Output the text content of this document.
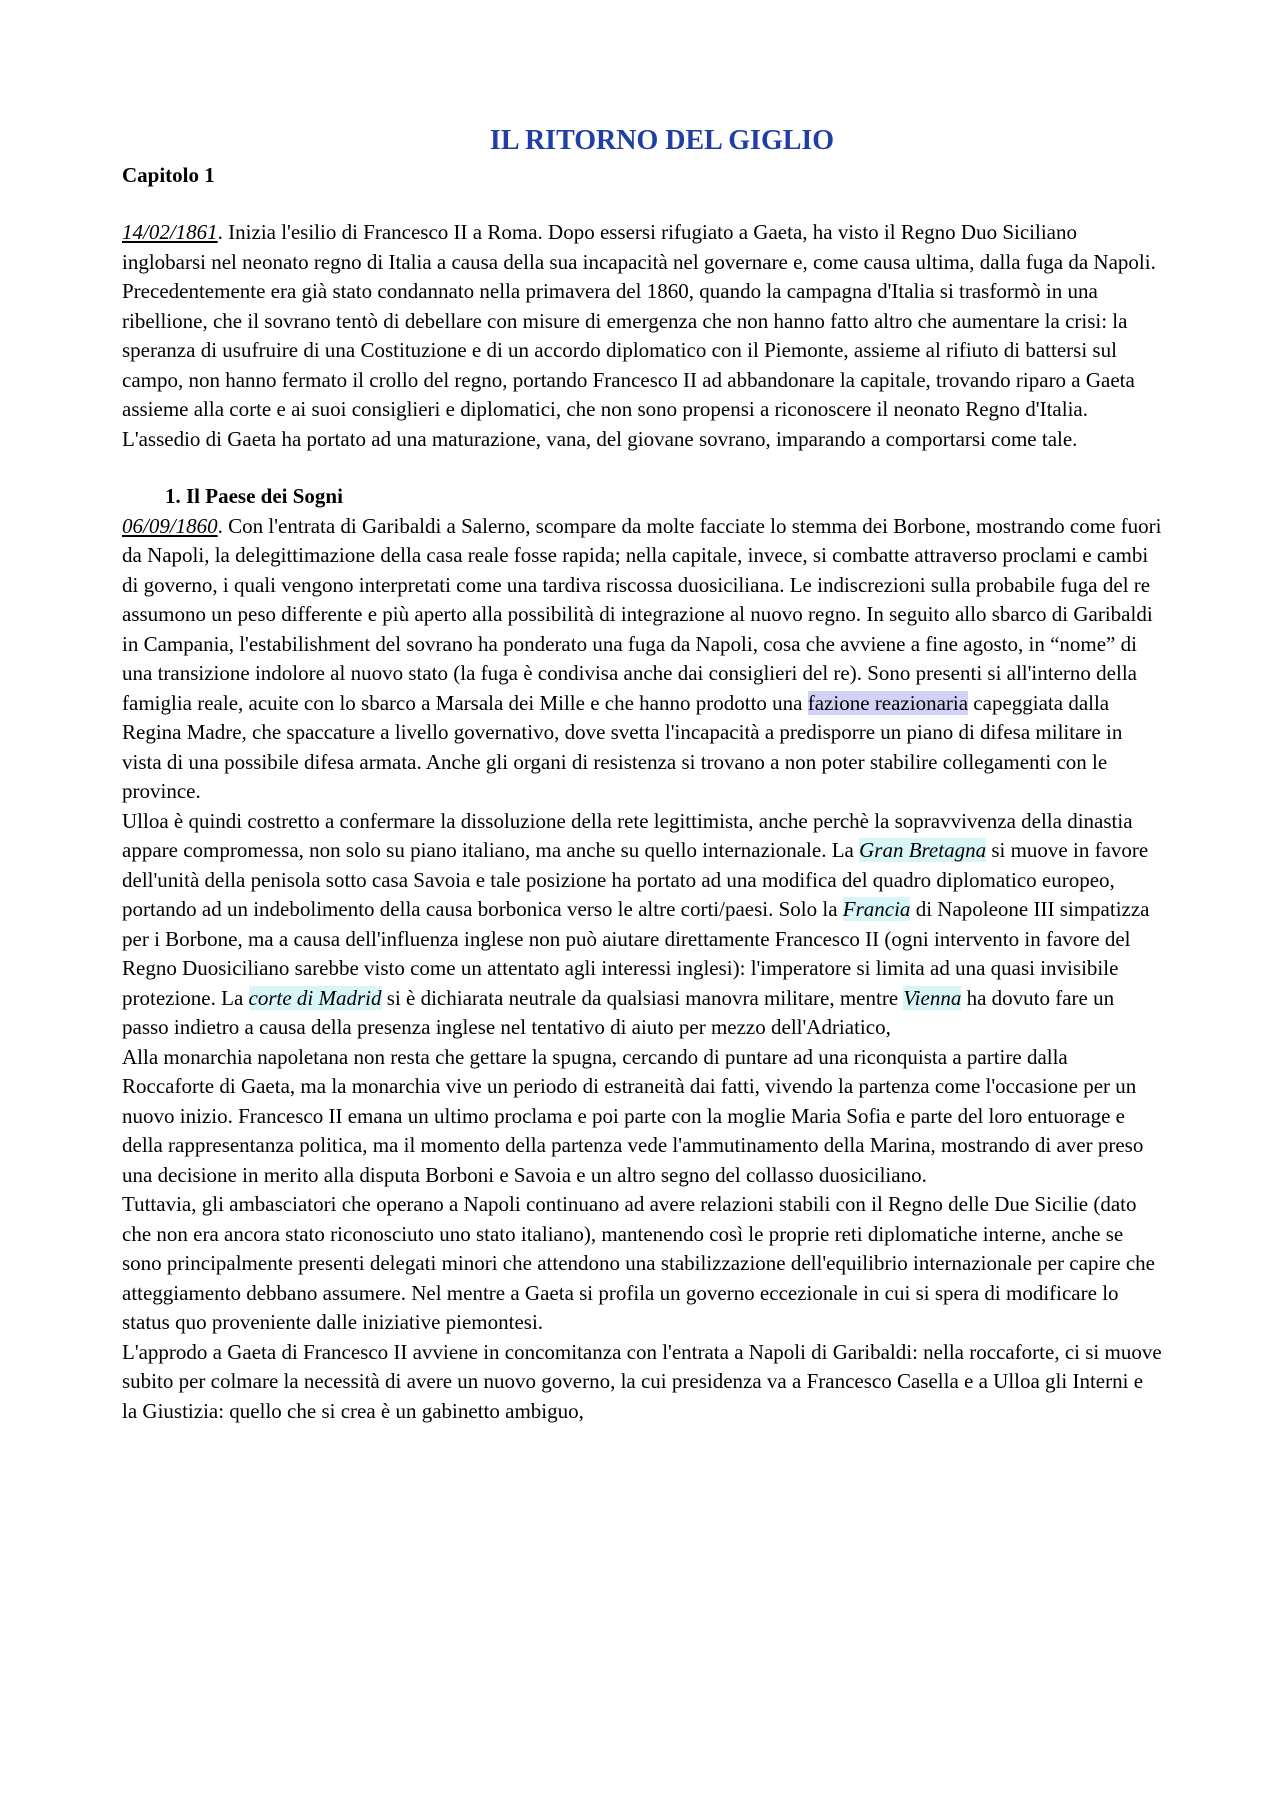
IL RITORNO DEL GIGLIO
Capitolo 1

14/02/1861. Inizia l'esilio di Francesco II a Roma. Dopo essersi rifugiato a Gaeta, ha visto il Regno Duo Siciliano inglobarsi nel neonato regno di Italia a causa della sua incapacità nel governare e, come causa ultima, dalla fuga da Napoli. Precedentemente era già stato condannato nella primavera del 1860, quando la campagna d'Italia si trasformò in una ribellione, che il sovrano tentò di debellare con misure di emergenza che non hanno fatto altro che aumentare la crisi: la speranza di usufruire di una Costituzione e di un accordo diplomatico con il Piemonte, assieme al rifiuto di battersi sul campo, non hanno fermato il crollo del regno, portando Francesco II ad abbandonare la capitale, trovando riparo a Gaeta assieme alla corte e ai suoi consiglieri e diplomatici, che non sono propensi a riconoscere il neonato Regno d'Italia. L'assedio di Gaeta ha portato ad una maturazione, vana, del giovane sovrano, imparando a comportarsi come tale.

1. Il Paese dei Sogni

06/09/1860. Con l'entrata di Garibaldi a Salerno, scompare da molte facciate lo stemma dei Borbone, mostrando come fuori da Napoli, la delegittimazione della casa reale fosse rapida; nella capitale, invece, si combatte attraverso proclami e cambi di governo, i quali vengono interpretati come una tardiva riscossa duosiciliana. Le indiscrezioni sulla probabile fuga del re assumono un peso differente e più aperto alla possibilità di integrazione al nuovo regno. In seguito allo sbarco di Garibaldi in Campania, l'estabilishment del sovrano ha ponderato una fuga da Napoli, cosa che avviene a fine agosto, in “nome” di una transizione indolore al nuovo stato (la fuga è condivisa anche dai consiglieri del re). Sono presenti si all'interno della famiglia reale, acuite con lo sbarco a Marsala dei Mille e che hanno prodotto una fazione reazionaria capeggiata dalla Regina Madre, che spaccature a livello governativo, dove svetta l'incapacità a predisporre un piano di difesa militare in vista di una possibile difesa armata. Anche gli organi di resistenza si trovano a non poter stabilire collegamenti con le province.

Ulloa è quindi costretto a confermare la dissoluzione della rete legittimista, anche perchè la sopravvivenza della dinastia appare compromessa, non solo su piano italiano, ma anche su quello internazionale. La Gran Bretagna si muove in favore dell'unità della penisola sotto casa Savoia e tale posizione ha portato ad una modifica del quadro diplomatico europeo, portando ad un indebolimento della causa borbonica verso le altre corti/paesi. Solo la Francia di Napoleone III simpatizza per i Borbone, ma a causa dell'influenza inglese non può aiutare direttamente Francesco II (ogni intervento in favore del Regno Duosiciliano sarebbe visto come un attentato agli interessi inglesi): l'imperatore si limita ad una quasi invisibile protezione. La corte di Madrid si è dichiarata neutrale da qualsiasi manovra militare, mentre Vienna ha dovuto fare un passo indietro a causa della presenza inglese nel tentativo di aiuto per mezzo dell'Adriatico,

Alla monarchia napoletana non resta che gettare la spugna, cercando di puntare ad una riconquista a partire dalla Roccaforte di Gaeta, ma la monarchia vive un periodo di estraneità dai fatti, vivendo la partenza come l'occasione per un nuovo inizio. Francesco II emana un ultimo proclama e poi parte con la moglie Maria Sofia e parte del loro entuorage e della rappresentanza politica, ma il momento della partenza vede l'ammutinamento della Marina, mostrando di aver preso una decisione in merito alla disputa Borboni e Savoia e un altro segno del collasso duosiciliano.

Tuttavia, gli ambasciatori che operano a Napoli continuano ad avere relazioni stabili con il Regno delle Due Sicilie (dato che non era ancora stato riconosciuto uno stato italiano), mantenendo così le proprie reti diplomatiche interne, anche se sono principalmente presenti delegati minori che attendono una stabilizzazione dell'equilibrio internazionale per capire che atteggiamento debbano assumere. Nel mentre a Gaeta si profila un governo eccezionale in cui si spera di modificare lo status quo proveniente dalle iniziative piemontesi.

L'approdo a Gaeta di Francesco II avviene in concomitanza con l'entrata a Napoli di Garibaldi: nella roccaforte, ci si muove subito per colmare la necessità di avere un nuovo governo, la cui presidenza va a Francesco Casella e a Ulloa gli Interni e la Giustizia: quello che si crea è un gabinetto ambiguo,
